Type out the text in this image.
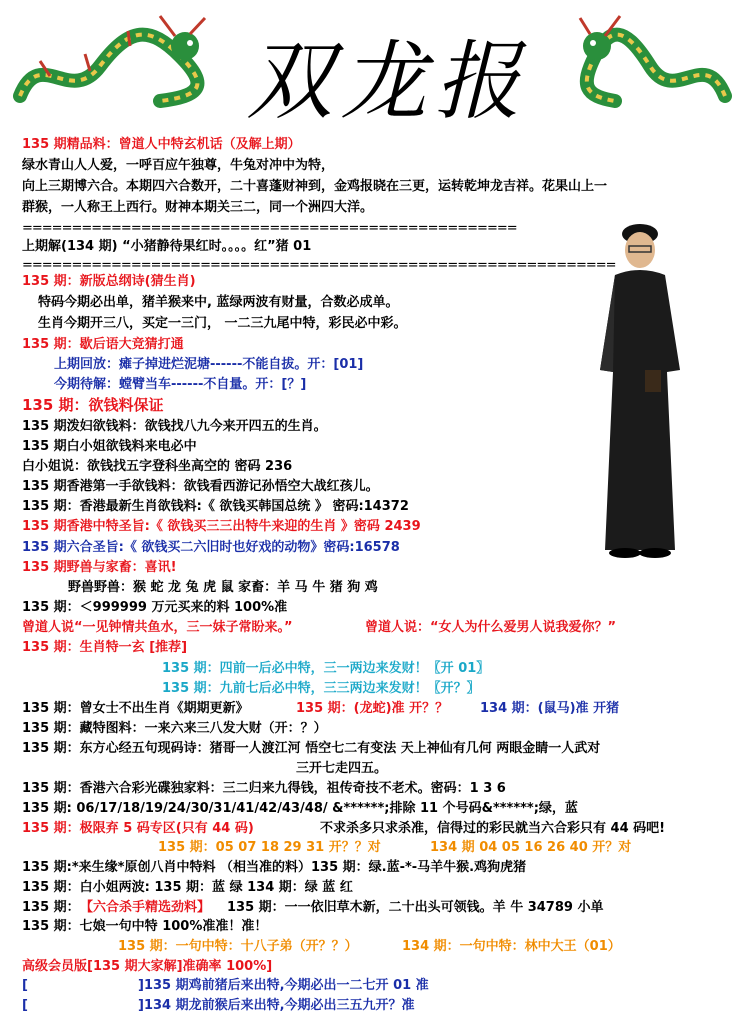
双龙报
135 期精品料：曾道人中特玄机话（及解上期）
绿水青山人人爱，一呼百应午独尊，牛兔对冲中为特，
向上三期博六合。本期四六合数开，二十喜蓬财神到，金鸡报晓在三更，运转乾坤龙吉祥。花果山上一
群猴，一人称王上西行。财神本期关三二，同一个洲四大洋。
==================================================
上期解(134 期) “小猪静待果红时。。。。红”猪 01
============================================================
135 期：新版总纲诗(猜生肖)
特码今期必出单，猪羊猴来中, 蓝绿两波有财量，合数必成单。
生肖今期开三八，买定一三门， 一二三九尾中特，彩民必中彩。
135 期：歇后语大竞猜打通
上期回放：瘫子掉进烂泥塘------不能自拔。开：[01]
今期待解：螳臂当车------不自量。开：[？]
135 期：欲钱料保证
135 期泼妇欲钱料：欲钱找八九今来开四五的生肖。
135 期白小姐欲钱料来电必中
白小姐说：欲钱找五字登科坐高空的 密码 236
135 期香港第一手欲钱料：欲钱看西游记孙悟空大战红孩儿。
135 期：香港最新生肖欲钱料:《 欲钱买韩国总统 》 密码:14372
135 期香港中特圣旨:《 欲钱买三三出特牛来迎的生肖 》密码 2439
135 期六合圣旨:《 欲钱买二六旧时也好戏的动物》密码:16578
135 期野兽与家畜：喜讯!
野兽野兽：猴 蛇 龙 兔 虎 鼠 家畜：羊 马 牛 猪 狗 鸡
135 期：＜999999 万元买来的料 100%准
曾道人说“一见钟情共鱼水，三一妹子常盼来。”	曾道人说：“女人为什么爱男人说我爱你？”
135 期：生肖特一玄 [推荐]
135 期：四前一后必中特，三一两边来发财！〖开 01〗
135 期：九前七后必中特，三三两边来发财！〖开？〗
135 期：曾女士不出生肖《期期更新》	135 期：(龙蛇)准 开？？ 134 期：(鼠马)准 开猪
135 期：藏特图料：一来六来三八发大财（开：？）
135 期：东方心经五句现码诗：猪哥一人渡江河 悟空七二有变法 天上神仙有几何 两眼金睛一人武对
三开七走四五。
135 期：香港六合彩光碟独家料：三二归来九得钱，祖传奇技不老术。密码：1 3 6
135 期: 06/17/18/19/24/30/31/41/42/43/48/ &******;排除 11 个号码&******;绿，蓝
135 期：极限弃 5 码专区(只有 44 码)	不求杀多只求杀准，信得过的彩民就当六合彩只有 44 码吧!
135 期：05 07 18 29 31 开？？对	134 期 04 05 16 26 40 开？对
135 期:*来生缘*原创八肖中特料 （相当准的料）135 期：绿.蓝-*-马羊牛猴.鸡狗虎猪
135 期：白小姐两波: 135 期：蓝 绿 134 期：绿 蓝 红
135 期： 【六合杀手精选劲料】 135 期：一一依旧草木新，二十出头可领钱。羊 牛 34789 小单
135 期：七娘一句中特 100%准准！准！
135 期：一句中特：十八子弟（开？？）	134 期：一句中特：林中大王（01）
高级会员版[135 期大家解]准确率 100%]
[	]135 期鸡前猪后来出特,今期必出一二七开 01 准
[	]134 期龙前猴后来出特,今期必出三五九开？准
